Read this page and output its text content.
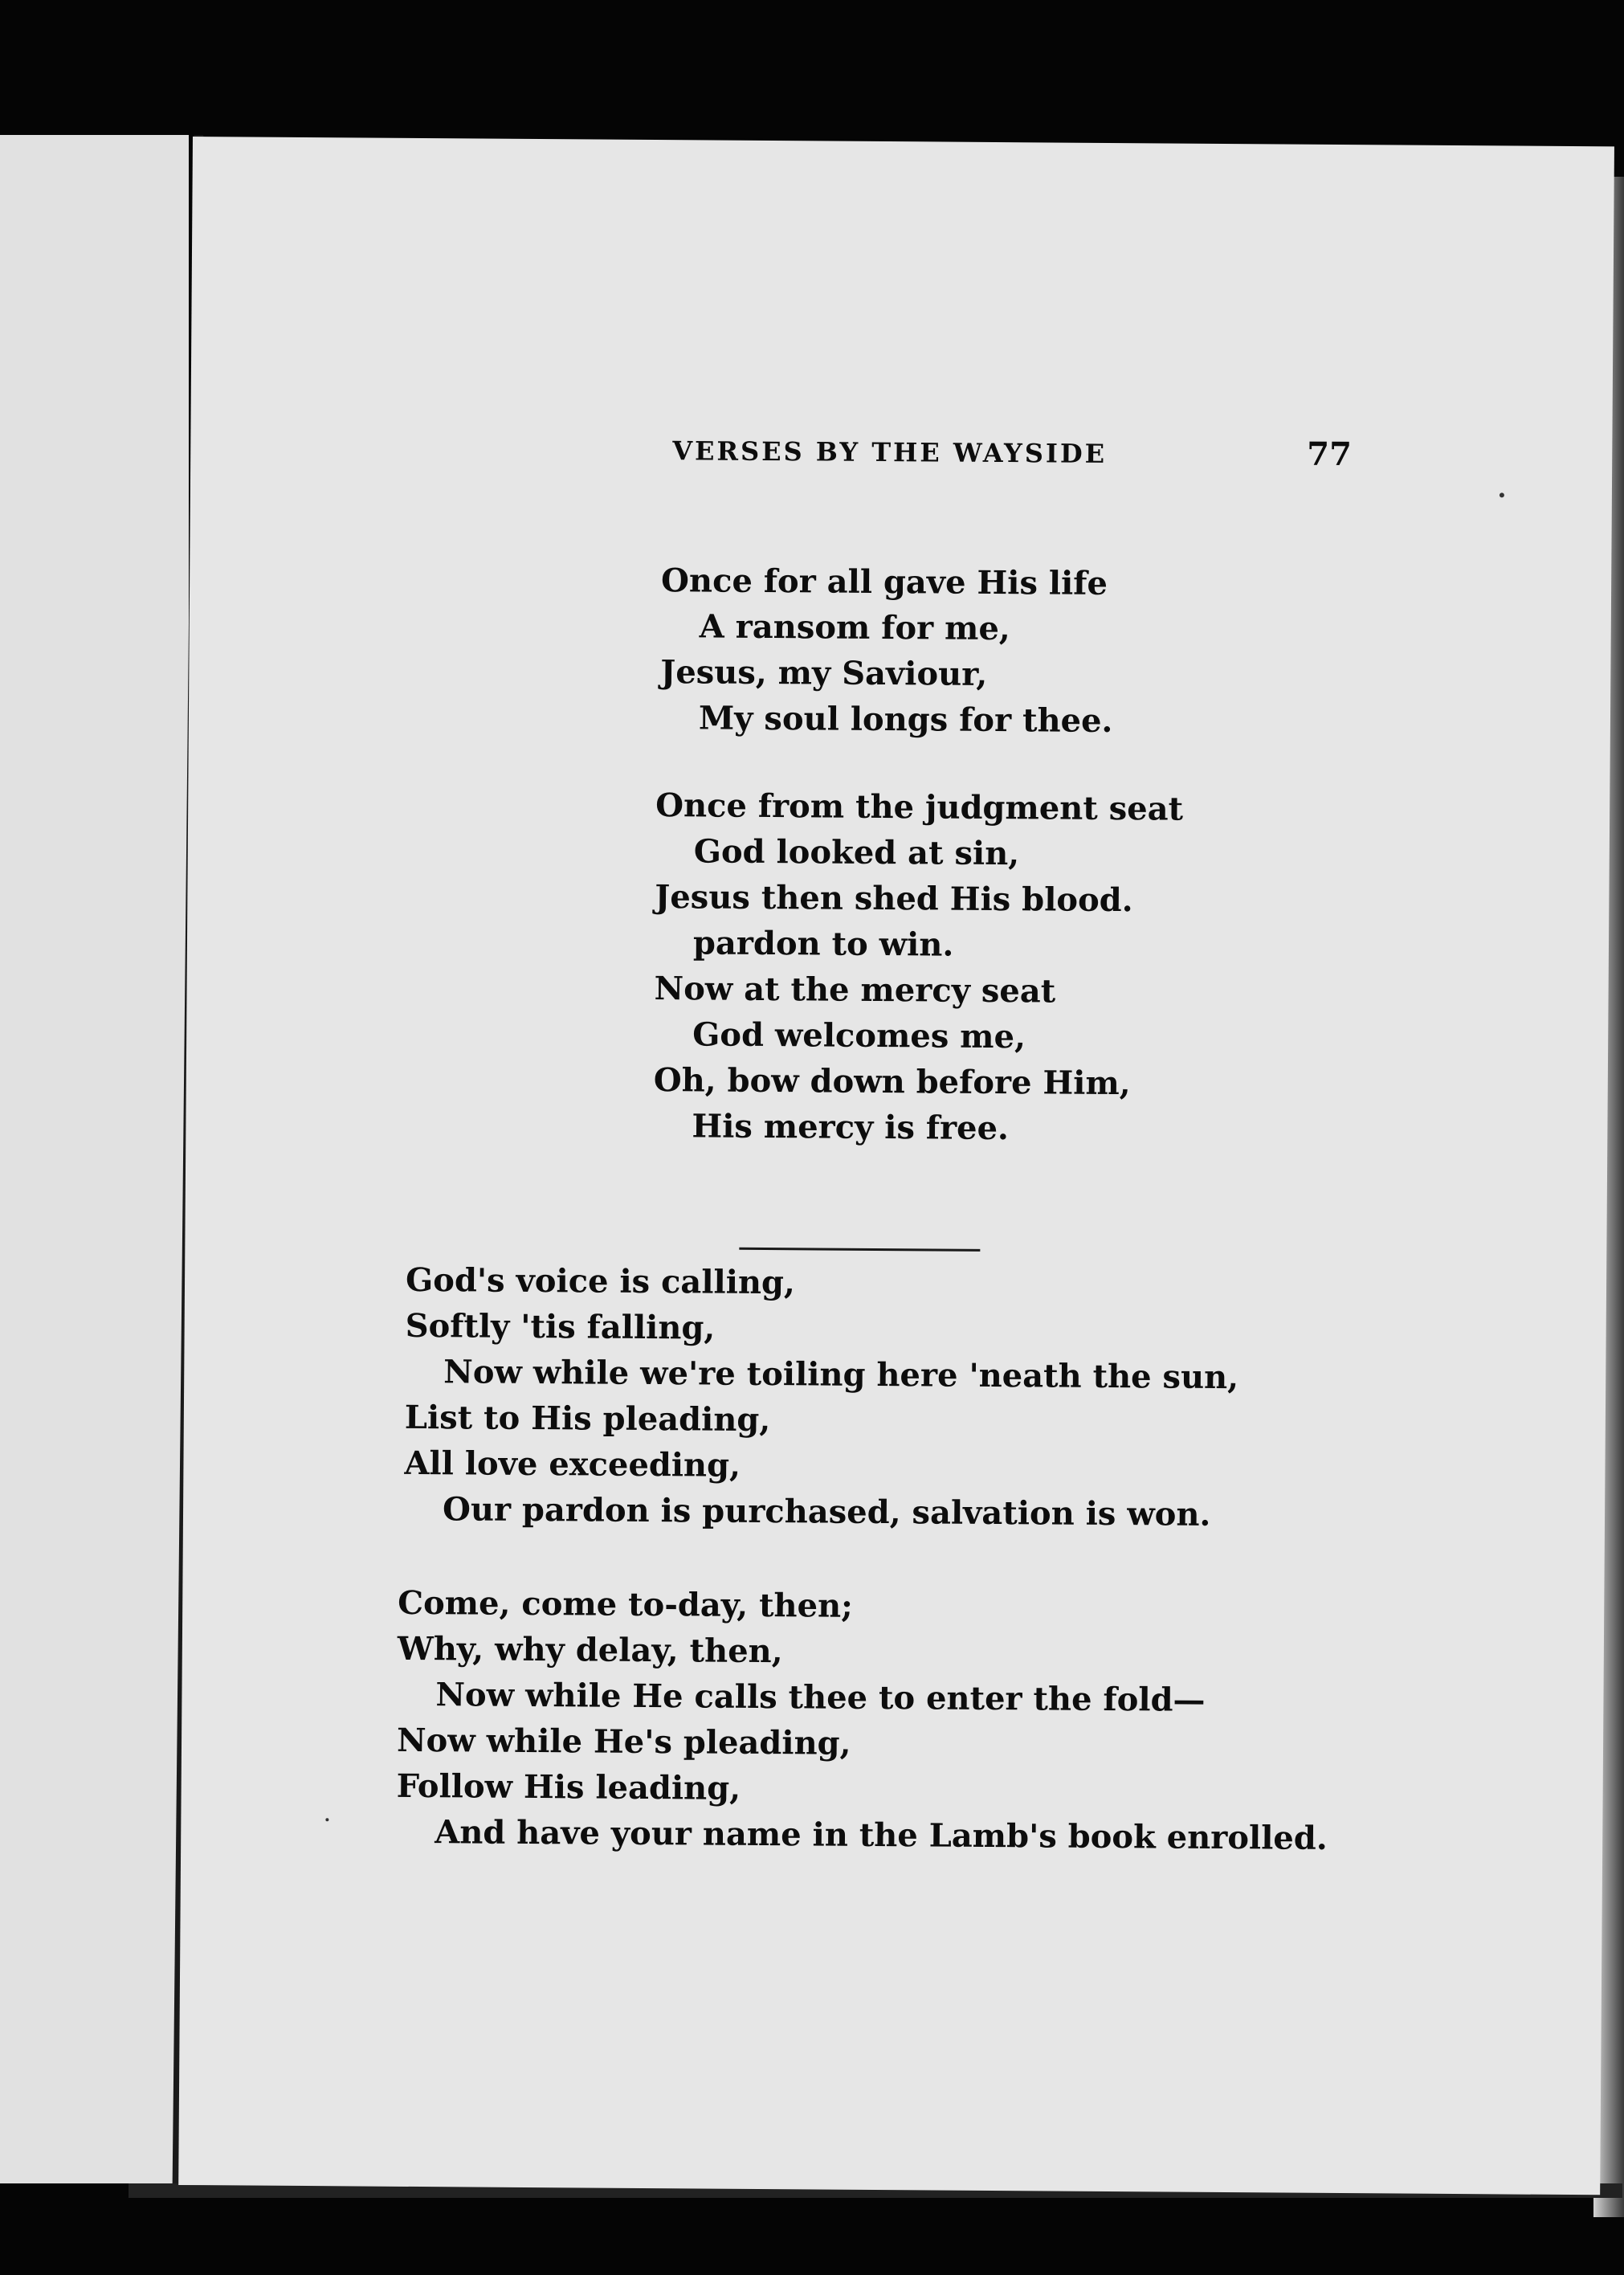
VERSES BY THE WAYSIDE	77
Once for all gave His life
A ransom for me,
Jesus, my Saviour,
My soul longs for thee.
Once from the judgment seat
God looked at sin,
Jesus then shed His blood.
pardon to win.
Now at the mercy seat
God welcomes me,
Oh, bow down before Him,
His mercy is free.
God's voice is calling,
Softly 'tis falling,
Now while we're toiling here 'neath the sun,
List to His pleading,
All love exceeding,
Our pardon is purchased, salvation is won.
Come, come to-day, then;
Why, why delay, then,
Now while He calls thee to enter the fold—
Now while He's pleading,
Follow His leading,
And have your name in the Lamb's book enrolled.
